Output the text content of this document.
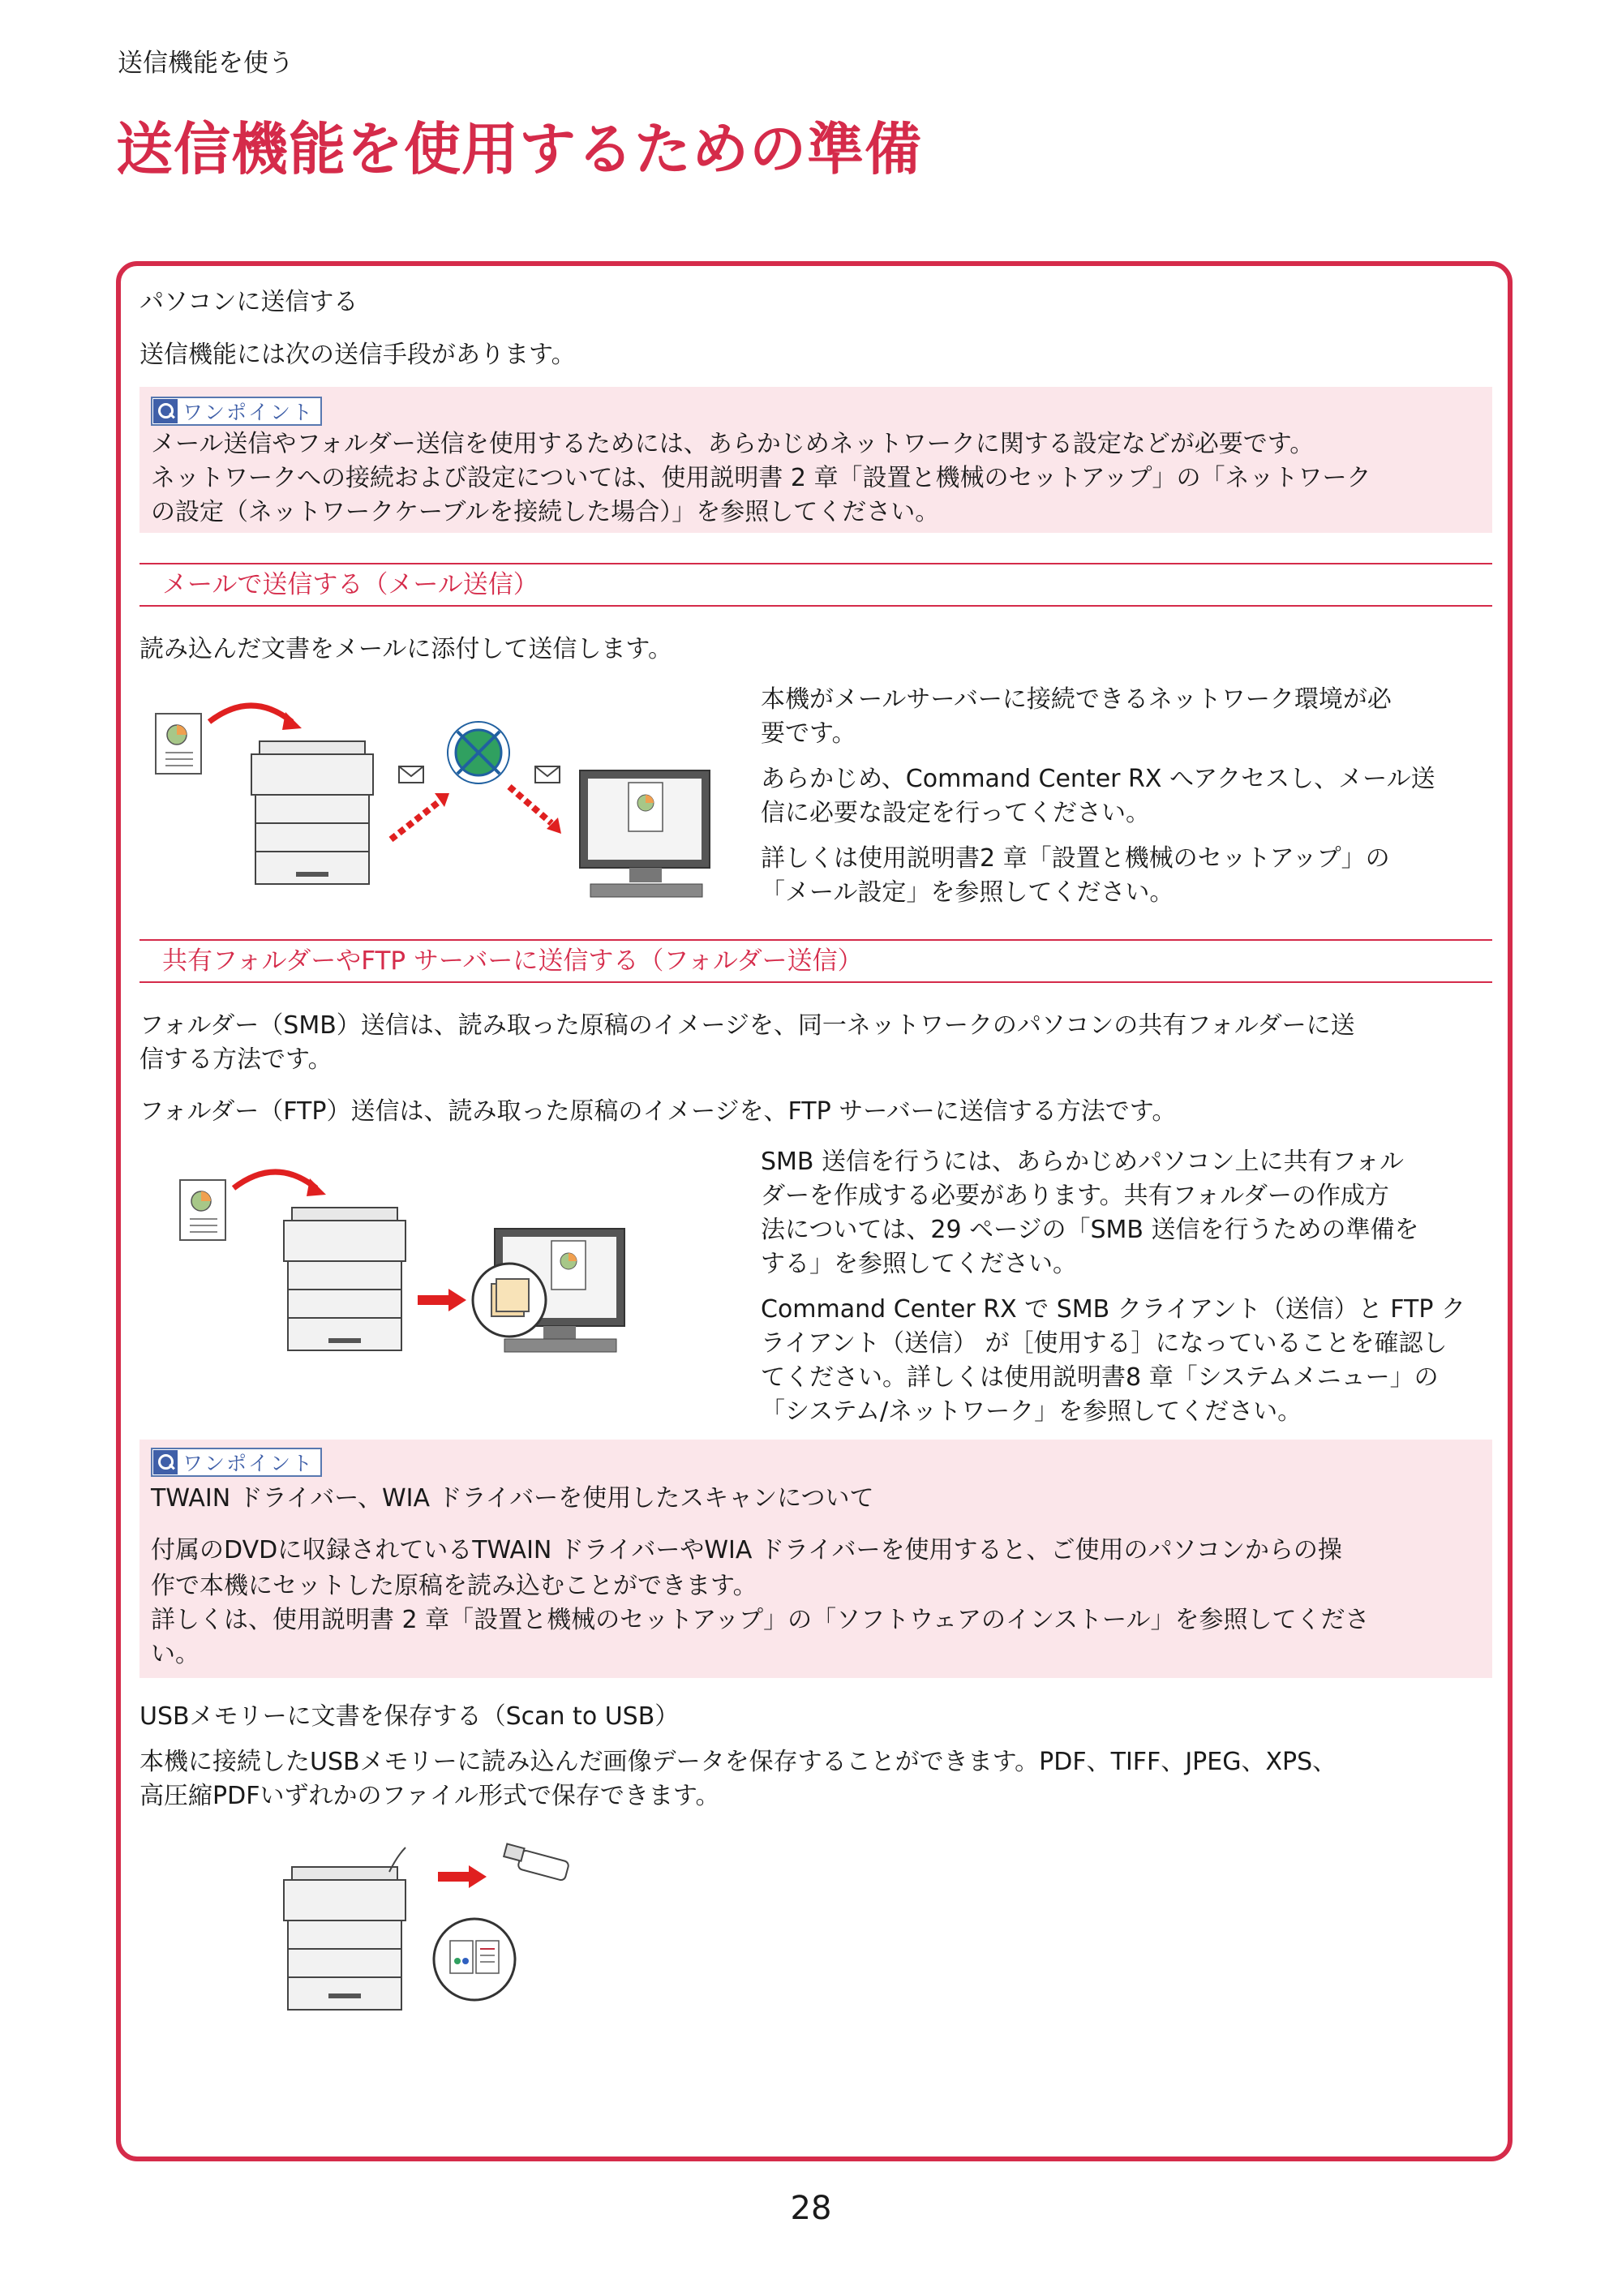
送信機能を使う
送信機能を使用するための準備
パソコンに送信する
送信機能には次の送信手段があります。
ワンポイント
メール送信やフォルダー送信を使用するためには、あらかじめネットワークに関する設定などが必要です。
ネットワークへの接続および設定については、使用説明書 2 章「設置と機械のセットアップ」の「ネットワーク
の設定（ネットワークケーブルを接続した場合）」を参照してください。
メールで送信する（メール送信）
読み込んだ文書をメールに添付して送信します。
本機がメールサーバーに接続できるネットワーク環境が必
要です。
あらかじめ、Command Center RX へアクセスし、メール送
信に必要な設定を行ってください。
詳しくは使用説明書2 章「設置と機械のセットアップ」の
「メール設定」を参照してください。
共有フォルダーやFTP サーバーに送信する（フォルダー送信）
フォルダー（SMB）送信は、読み取った原稿のイメージを、同一ネットワークのパソコンの共有フォルダーに送
信する方法です。
フォルダー（FTP）送信は、読み取った原稿のイメージを、FTP サーバーに送信する方法です。
SMB 送信を行うには、あらかじめパソコン上に共有フォル
ダーを作成する必要があります。共有フォルダーの作成方
法については、29 ページの「SMB 送信を行うための準備を
する」を参照してください。
Command Center RX で SMB クライアント（送信）と FTP ク
ライアント（送信） が［使用する］になっていることを確認し
てください。詳しくは使用説明書8 章「システムメニュー」の
「システム/ネットワーク」を参照してください。
ワンポイント
TWAIN ドライバー、WIA ドライバーを使用したスキャンについて
付属のDVDに収録されているTWAIN ドライバーやWIA ドライバーを使用すると、ご使用のパソコンからの操
作で本機にセットした原稿を読み込むことができます。
詳しくは、使用説明書 2 章「設置と機械のセットアップ」の「ソフトウェアのインストール」を参照してくださ
い。
USBメモリーに文書を保存する（Scan to USB）
本機に接続したUSBメモリーに読み込んだ画像データを保存することができます。PDF、TIFF、JPEG、XPS、
高圧縮PDFいずれかのファイル形式で保存できます。
28
